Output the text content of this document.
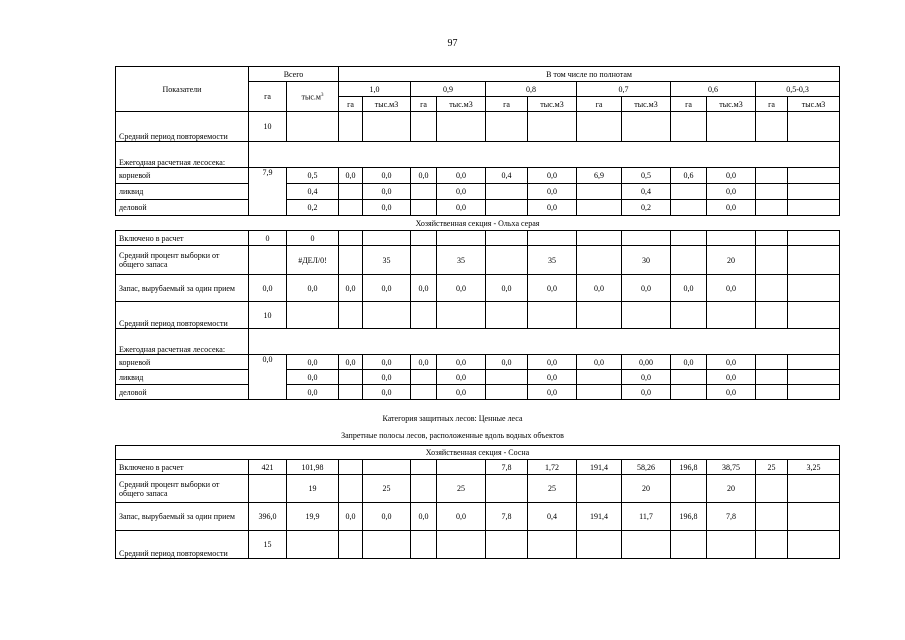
97
Показатели	Всего		В том числе по полнотам											
	га	$тыс.м^3$	1,0		0,9		0,8		0,7		0,6		0,5-0,3	
			га	тыс.м3	га	тыс.м3	га	тыс.м3	га	тыс.м3	га	тыс.м3	га	тыс.м3
Средний период повторяемости	10													
Ежегодная расчетная лесосека:														
корневой	7,9	0,5	0,0	0,0	0,0	0,0	0,4	0,0	6,9	0,5	0,6	0,0		
ликвид		0,4		0,0		0,0		0,0		0,4		0,0		
деловой		0,2		0,0		0,0		0,0		0,2		0,0		
Хозяйственная секция - Ольха серая														
Включено в расчет	0	0												
Средний процент выборки от общего запаса		#ДЕЛ/0!		35		35		35		30		20		
Запас, вырубаемый за один прием	0,0	0,0	0,0	0,0	0,0	0,0	0,0	0,0	0,0	0,0	0,0	0,0		
Средний период повторяемости	10													
Ежегодная расчетная лесосека:														
корневой	0,0	0,0	0,0	0,0	0,0	0,0	0,0	0,0	0,0	0,00	0,0	0,0		
ликвид		0,0		0,0		0,0		0,0		0,0		0,0		
деловой		0,0		0,0		0,0		0,0		0,0		0,0		
Категория защитных лесов: Ценные леса
Запретные полосы лесов, расположенные вдоль водных объектов
Хозяйственная секция - Сосна														
Включено в расчет	421	101,98					7,8	1,72	191,4	58,26	196,8	38,75	25	3,25
Средний процент выборки от общего запаса		19		25		25		25		20		20		
Запас, вырубаемый за один прием	396,0	19,9	0,0	0,0	0,0	0,0	7,8	0,4	191,4	11,7	196,8	7,8		
Средний период повторяемости	15													
